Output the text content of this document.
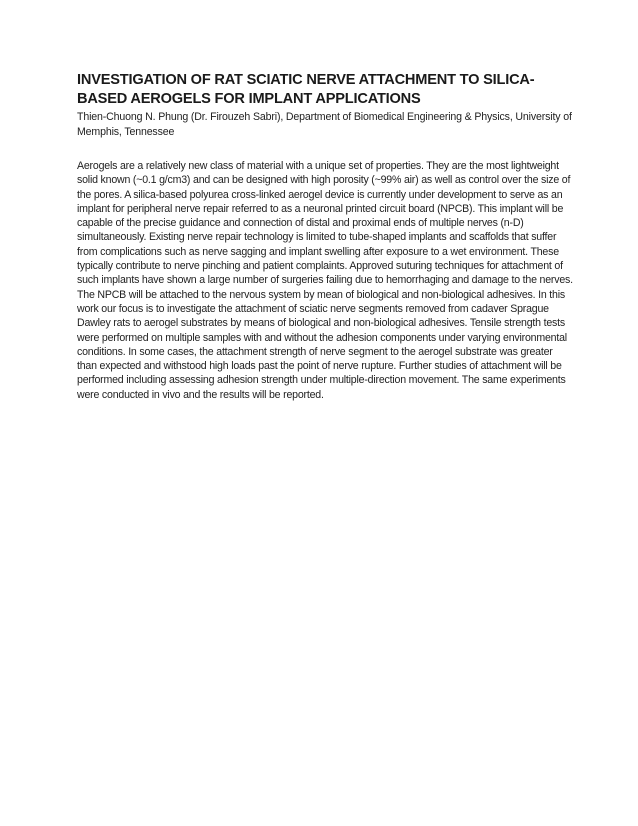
INVESTIGATION OF RAT SCIATIC NERVE ATTACHMENT TO SILICA-BASED AEROGELS FOR IMPLANT APPLICATIONS

Thien-Chuong N. Phung (Dr. Firouzeh Sabri), Department of Biomedical Engineering & Physics, University of Memphis, Tennessee

Aerogels are a relatively new class of material with a unique set of properties. They are the most lightweight solid known (~0.1 g/cm3) and can be designed with high porosity (~99% air) as well as control over the size of the pores. A silica-based polyurea cross-linked aerogel device is currently under development to serve as an implant for peripheral nerve repair referred to as a neuronal printed circuit board (NPCB). This implant will be capable of the precise guidance and connection of distal and proximal ends of multiple nerves (n-D) simultaneously. Existing nerve repair technology is limited to tube-shaped implants and scaffolds that suffer from complications such as nerve sagging and implant swelling after exposure to a wet environment. These typically contribute to nerve pinching and patient complaints. Approved suturing techniques for attachment of such implants have shown a large number of surgeries failing due to hemorrhaging and damage to the nerves. The NPCB will be attached to the nervous system by mean of biological and non-biological adhesives. In this work our focus is to investigate the attachment of sciatic nerve segments removed from cadaver Sprague Dawley rats to aerogel substrates by means of biological and non-biological adhesives. Tensile strength tests were performed on multiple samples with and without the adhesion components under varying environmental conditions. In some cases, the attachment strength of nerve segment to the aerogel substrate was greater than expected and withstood high loads past the point of nerve rupture. Further studies of attachment will be performed including assessing adhesion strength under multiple-direction movement. The same experiments were conducted in vivo and the results will be reported.
